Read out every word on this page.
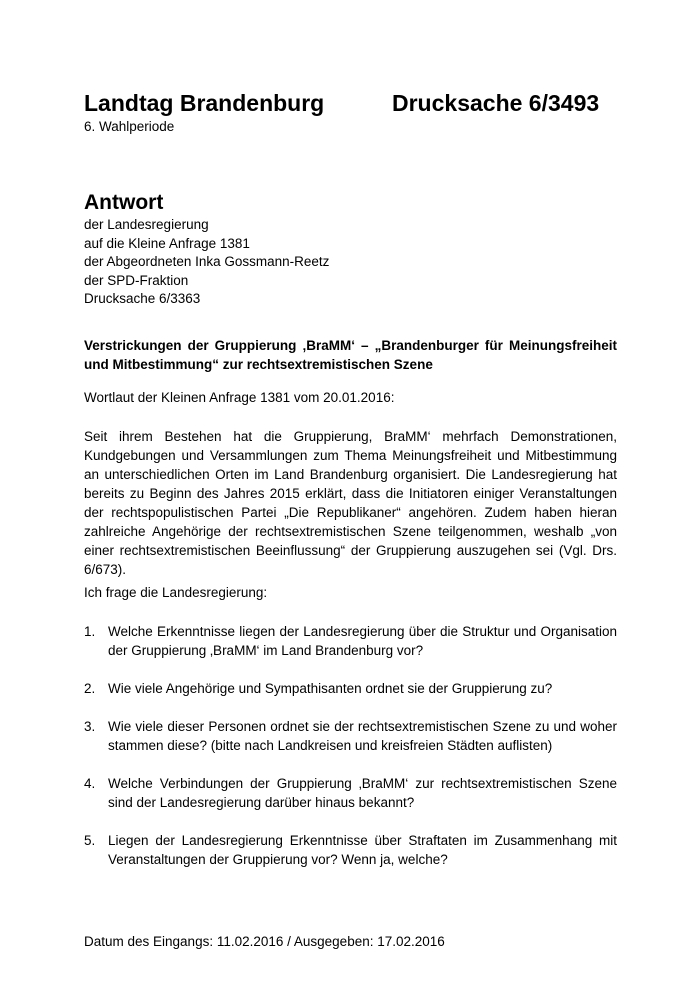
Landtag Brandenburg	Drucksache 6/3493
6. Wahlperiode
Antwort
der Landesregierung
auf die Kleine Anfrage 1381
der Abgeordneten Inka Gossmann-Reetz
der SPD-Fraktion
Drucksache 6/3363
Verstrickungen der Gruppierung ‚BraMM‘ – „Brandenburger für Meinungsfreiheit und Mitbestimmung“ zur rechtsextremistischen Szene
Wortlaut der Kleinen Anfrage 1381 vom 20.01.2016:
Seit ihrem Bestehen hat die Gruppierung, BraMM‘ mehrfach Demonstrationen, Kundgebungen und Versammlungen zum Thema Meinungsfreiheit und Mitbestimmung an unterschiedlichen Orten im Land Brandenburg organisiert. Die Landesregierung hat bereits zu Beginn des Jahres 2015 erklärt, dass die Initiatoren einiger Veranstaltungen der rechtspopulistischen Partei „Die Republikaner“ angehören. Zudem haben hieran zahlreiche Angehörige der rechtsextremistischen Szene teilgenommen, weshalb „von einer rechtsextremistischen Beeinflussung“ der Gruppierung auszugehen sei (Vgl. Drs. 6/673).
Ich frage die Landesregierung:
1. Welche Erkenntnisse liegen der Landesregierung über die Struktur und Organisation der Gruppierung ‚BraMM‘ im Land Brandenburg vor?
2. Wie viele Angehörige und Sympathisanten ordnet sie der Gruppierung zu?
3. Wie viele dieser Personen ordnet sie der rechtsextremistischen Szene zu und woher stammen diese? (bitte nach Landkreisen und kreisfreien Städten auflisten)
4. Welche Verbindungen der Gruppierung ‚BraMM‘ zur rechtsextremistischen Szene sind der Landesregierung darüber hinaus bekannt?
5. Liegen der Landesregierung Erkenntnisse über Straftaten im Zusammenhang mit Veranstaltungen der Gruppierung vor? Wenn ja, welche?
Datum des Eingangs: 11.02.2016 / Ausgegeben: 17.02.2016
